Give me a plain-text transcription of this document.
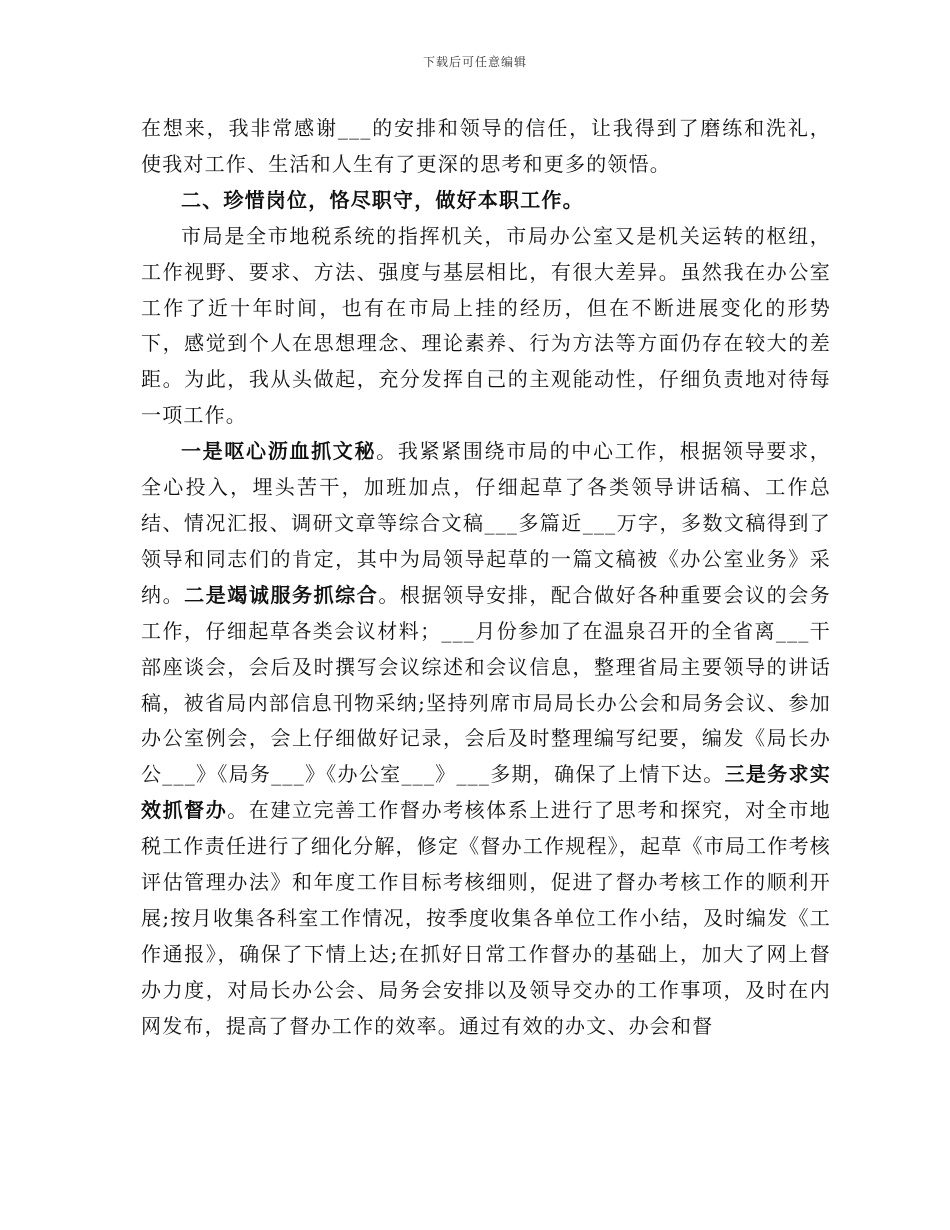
下载后可任意编辑

在想来，我非常感谢___的安排和领导的信任，让我得到了磨练和洗礼，使我对工作、生活和人生有了更深的思考和更多的领悟。

二、珍惜岗位，恪尽职守，做好本职工作。

市局是全市地税系统的指挥机关，市局办公室又是机关运转的枢纽，工作视野、要求、方法、强度与基层相比，有很大差异。虽然我在办公室工作了近十年时间，也有在市局上挂的经历，但在不断进展变化的形势下，感觉到个人在思想理念、理论素养、行为方法等方面仍存在较大的差距。为此，我从头做起，充分发挥自己的主观能动性，仔细负责地对待每一项工作。

一是呕心沥血抓文秘。我紧紧围绕市局的中心工作，根据领导要求，全心投入，埋头苦干，加班加点，仔细起草了各类领导讲话稿、工作总结、情况汇报、调研文章等综合文稿___多篇近___万字，多数文稿得到了领导和同志们的肯定，其中为局领导起草的一篇文稿被《办公室业务》采纳。二是竭诚服务抓综合。根据领导安排，配合做好各种重要会议的会务工作，仔细起草各类会议材料；___月份参加了在温泉召开的全省离___干部座谈会，会后及时撰写会议综述和会议信息，整理省局主要领导的讲话稿，被省局内部信息刊物采纳;坚持列席市局局长办公会和局务会议、参加办公室例会，会上仔细做好记录，会后及时整理编写纪要，编发《局长办公___》《局务___》《办公室___》___多期，确保了上情下达。三是务求实效抓督办。在建立完善工作督办考核体系上进行了思考和探究，对全市地税工作责任进行了细化分解，修定《督办工作规程》，起草《市局工作考核评估管理办法》和年度工作目标考核细则，促进了督办考核工作的顺利开展;按月收集各科室工作情况，按季度收集各单位工作小结，及时编发《工作通报》，确保了下情上达;在抓好日常工作督办的基础上，加大了网上督办力度，对局长办公会、局务会安排以及领导交办的工作事项，及时在内网发布，提高了督办工作的效率。通过有效的办文、办会和督
